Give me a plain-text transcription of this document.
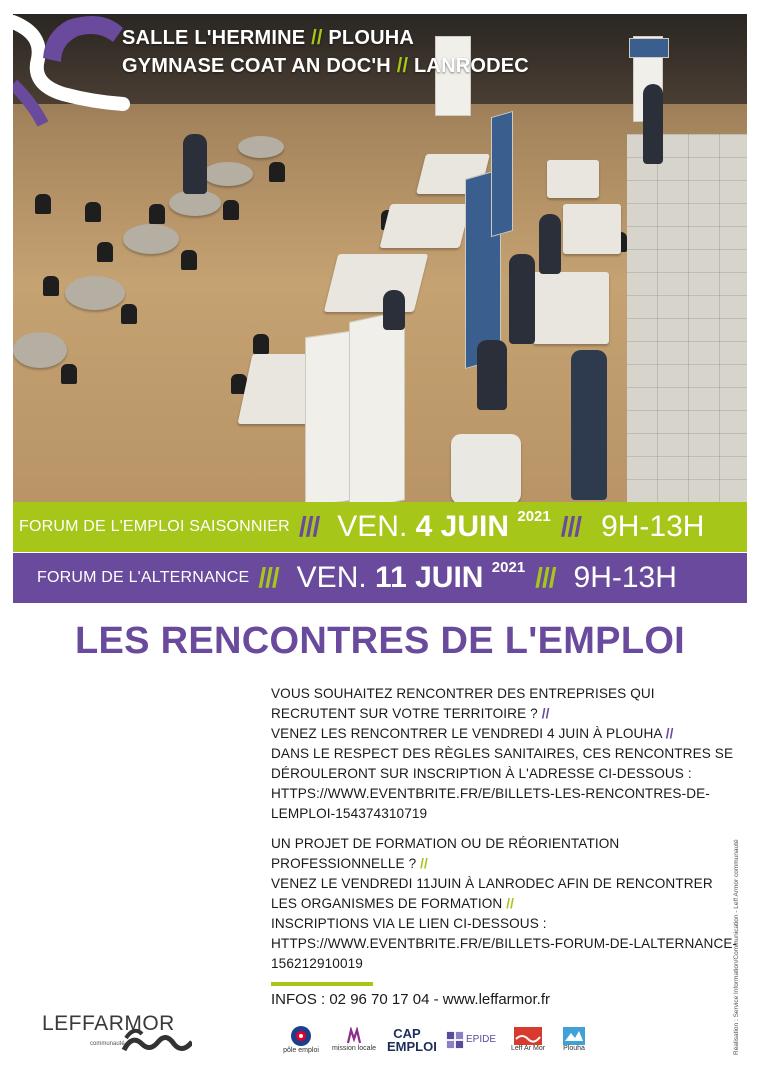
SALLE L'HERMINE // PLOUHA
GYMNASE COAT AN DOC'H // LANRODEC
FORUM DE L'EMPLOI SAISONNIER /// VEN. 4 JUIN $^{2021}$ /// 9H-13H
FORUM DE L'ALTERNANCE /// VEN. 11 JUIN $^{2021}$ /// 9H-13H
LES RENCONTRES DE L'EMPLOI

VOUS SOUHAITEZ RENCONTRER DES ENTREPRISES QUI RECRUTENT SUR VOTRE TERRITOIRE ? //

VENEZ LES RENCONTRER LE VENDREDI 4 JUIN À PLOUHA //

DANS LE RESPECT DES RÈGLES SANITAIRES, CES RENCONTRES SE DÉROULERONT SUR INSCRIPTION À L'ADRESSE CI-DESSOUS :

HTTPS://WWW.EVENTBRITE.FR/E/BILLETS-LES-RENCONTRES-DE-LEMPLOI-154374310719

UN PROJET DE FORMATION OU DE RÉORIENTATION PROFESSIONNELLE ? //

VENEZ LE VENDREDI 11JUIN À LANRODEC AFIN DE RENCONTRER LES ORGANISMES DE FORMATION //

INSCRIPTIONS VIA LE LIEN CI-DESSOUS :

HTTPS://WWW.EVENTBRITE.FR/E/BILLETS-FORUM-DE-LALTERNANCE-156212910019

INFOS : 02 96 70 17 04 - www.leffarmor.fr	Réalisation : Service Information/Communication - Leff Armor communauté
LEFFARMOR
communauté
pôle emploi mission locale
CAP EMPLOI	EPIDE
Leff Ar Mor	Plouha
